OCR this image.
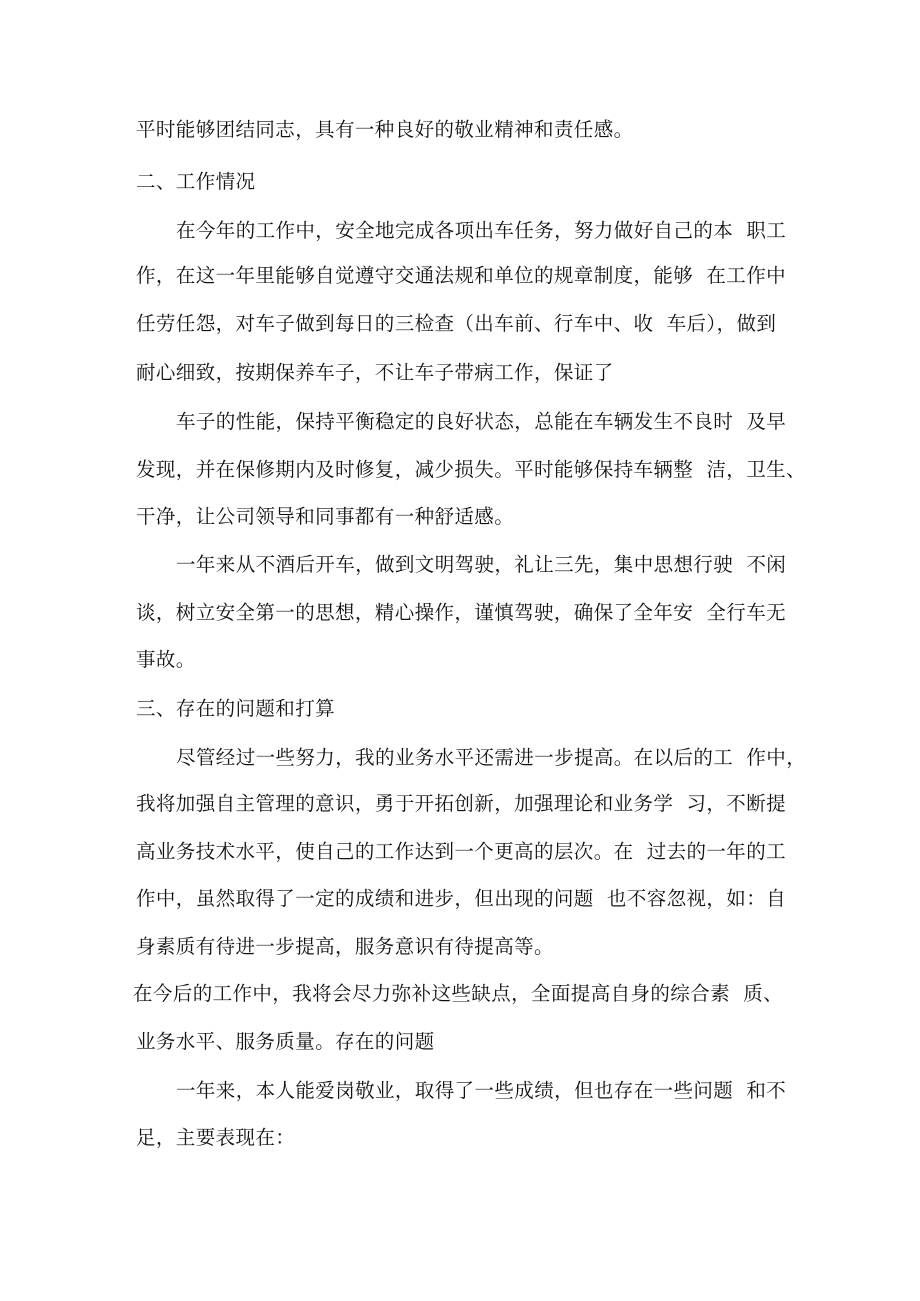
平时能够团结同志，具有一种良好的敬业精神和责任感。
二、工作情况
在今年的工作中，安全地完成各项出车任务，努力做好自己的本  职工
作，在这一年里能够自觉遵守交通法规和单位的规章制度，能够  在工作中
任劳任怨，对车子做到每日的三检查（出车前、行车中、收  车后），做到
耐心细致，按期保养车子，不让车子带病工作，保证了
车子的性能，保持平衡稳定的良好状态，总能在车辆发生不良时  及早
发现，并在保修期内及时修复，减少损失。平时能够保持车辆整  洁，卫生、
干净，让公司领导和同事都有一种舒适感。
一年来从不酒后开车，做到文明驾驶，礼让三先，集中思想行驶  不闲
谈，树立安全第一的思想，精心操作，谨慎驾驶，确保了全年安  全行车无
事故。
三、存在的问题和打算
尽管经过一些努力，我的业务水平还需进一步提高。在以后的工  作中，
我将加强自主管理的意识，勇于开拓创新，加强理论和业务学  习，不断提
高业务技术水平，使自己的工作达到一个更高的层次。在  过去的一年的工
作中，虽然取得了一定的成绩和进步，但出现的问题  也不容忽视，如：自
身素质有待进一步提高，服务意识有待提高等。
在今后的工作中，我将会尽力弥补这些缺点，全面提高自身的综合素  质、
业务水平、服务质量。存在的问题
一年来，本人能爱岗敬业，取得了一些成绩，但也存在一些问题  和不
足，主要表现在：
